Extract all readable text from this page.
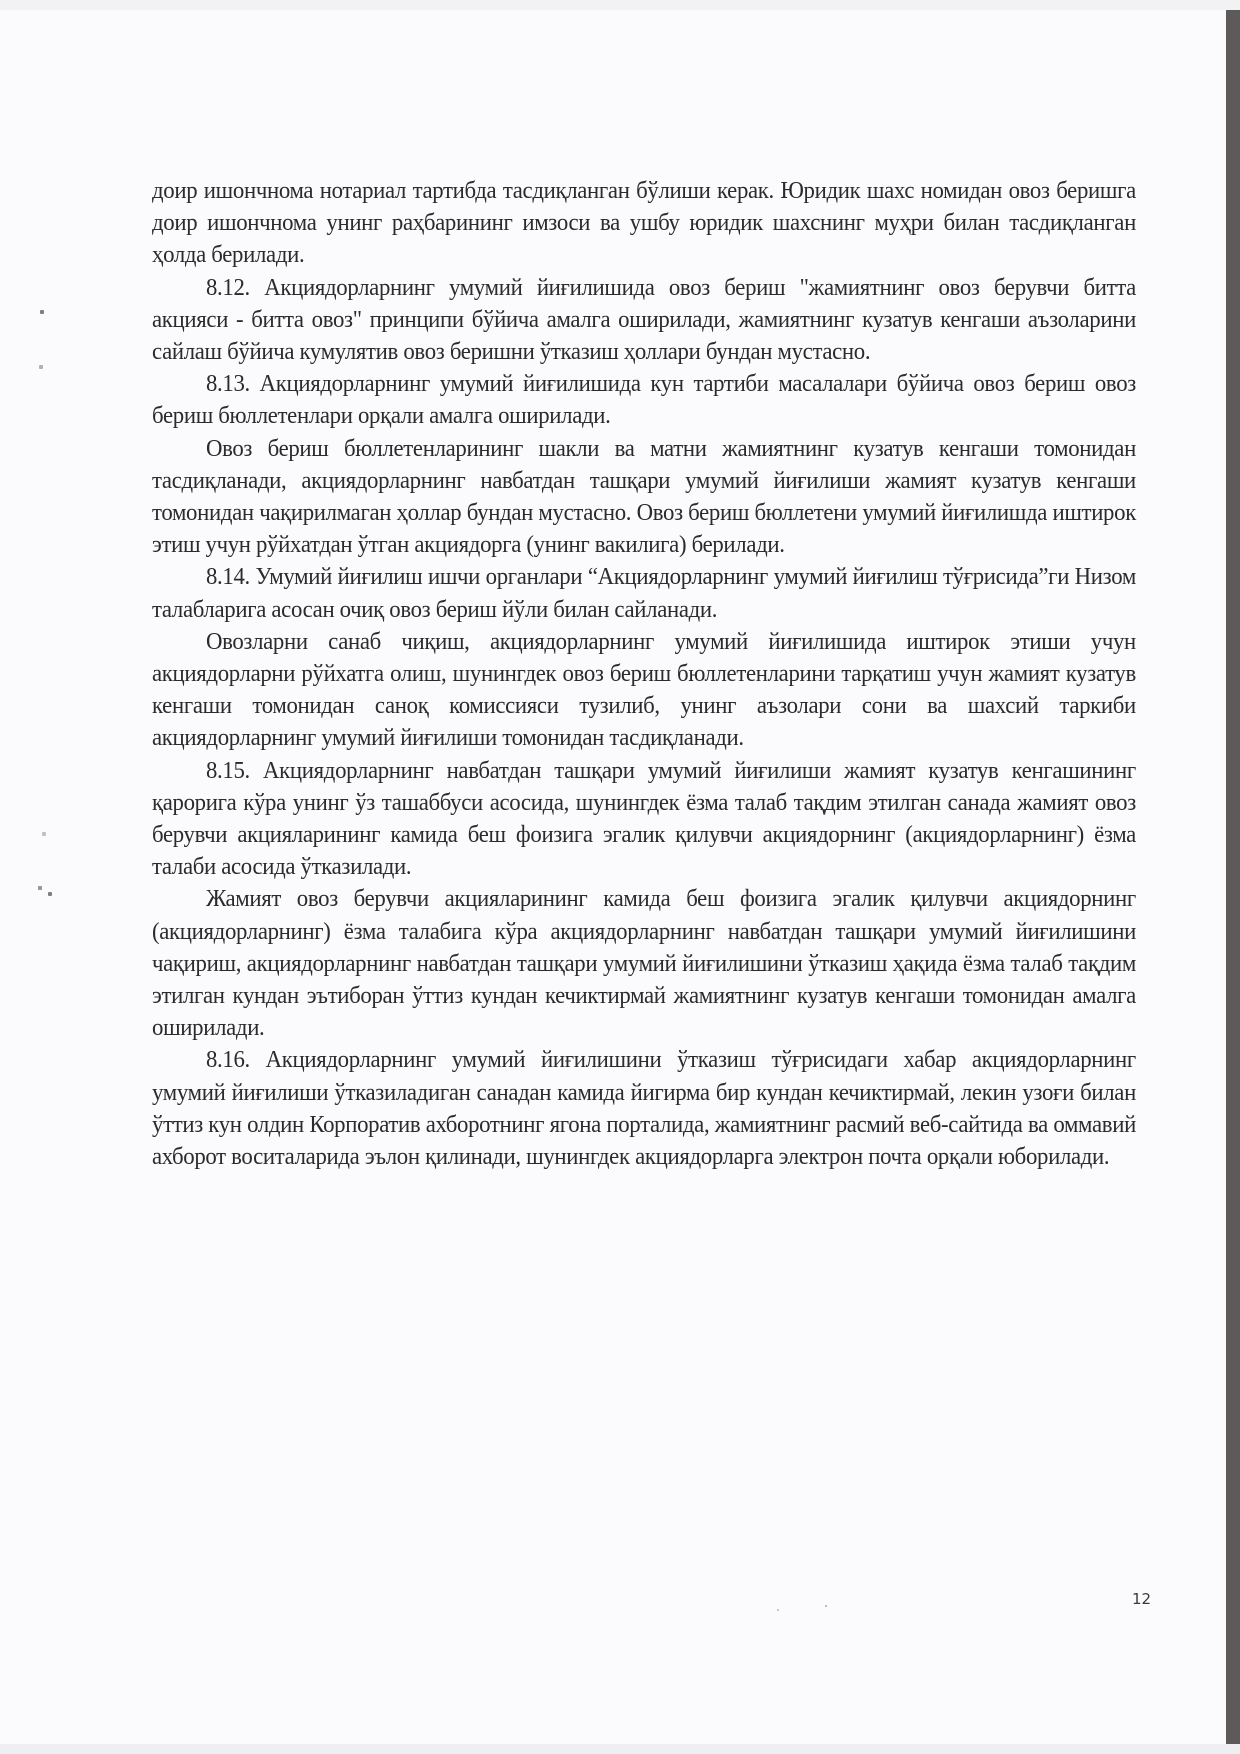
доир ишончнома нотариал тартибда тасдиқланган бўлиши керак. Юридик шахс номидан овоз беришга доир ишончнома унинг раҳбарининг имзоси ва ушбу юридик шахснинг муҳри билан тасдиқланган ҳолда берилади.

8.12. Акциядорларнинг умумий йиғилишида овоз бериш "жамиятнинг овоз берувчи битта акцияси - битта овоз" принципи бўйича амалга оширилади, жамиятнинг кузатув кенгаши аъзоларини сайлаш бўйича кумулятив овоз беришни ўтказиш ҳоллари бундан мустасно.

8.13. Акциядорларнинг умумий йиғилишида кун тартиби масалалари бўйича овоз бериш овоз бериш бюллетенлари орқали амалга оширилади.

Овоз бериш бюллетенларининг шакли ва матни жамиятнинг кузатув кенгаши томонидан тасдиқланади, акциядорларнинг навбатдан ташқари умумий йиғилиши жамият кузатув кенгаши томонидан чақирилмаган ҳоллар бундан мустасно. Овоз бериш бюллетени умумий йиғилишда иштирок этиш учун рўйхатдан ўтган акциядорга (унинг вакилига) берилади.

8.14. Умумий йиғилиш ишчи органлари “Акциядорларнинг умумий йиғилиш тўғрисида”ги Низом талабларига асосан очиқ овоз бериш йўли билан сайланади.

Овозларни санаб чиқиш, акциядорларнинг умумий йиғилишида иштирок этиши учун акциядорларни рўйхатга олиш, шунингдек овоз бериш бюллетенларини тарқатиш учун жамият кузатув кенгаши томонидан саноқ комиссияси тузилиб, унинг аъзолари сони ва шахсий таркиби акциядорларнинг умумий йиғилиши томонидан тасдиқланади.

8.15. Акциядорларнинг навбатдан ташқари умумий йиғилиши жамият кузатув кенгашининг қарорига кўра унинг ўз ташаббуси асосида, шунингдек ёзма талаб тақдим этилган санада жамият овоз берувчи акцияларининг камида беш фоизига эгалик қилувчи акциядорнинг (акциядорларнинг) ёзма талаби асосида ўтказилади.

Жамият овоз берувчи акцияларининг камида беш фоизига эгалик қилувчи акциядорнинг (акциядорларнинг) ёзма талабига кўра акциядорларнинг навбатдан ташқари умумий йиғилишини чақириш, акциядорларнинг навбатдан ташқари умумий йиғилишини ўтказиш ҳақида ёзма талаб тақдим этилган кундан эътиборан ўттиз кундан кечиктирмай жамиятнинг кузатув кенгаши томонидан амалга оширилади.

8.16. Акциядорларнинг умумий йиғилишини ўтказиш тўғрисидаги хабар акциядорларнинг умумий йиғилиши ўтказиладиган санадан камида йигирма бир кундан кечиктирмай, лекин узоғи билан ўттиз кун олдин Корпоратив ахборотнинг ягона порталида, жамиятнинг расмий веб-сайтида ва оммавий ахборот воситаларида эълон қилинади, шунингдек акциядорларга электрон почта орқали юборилади.

12
